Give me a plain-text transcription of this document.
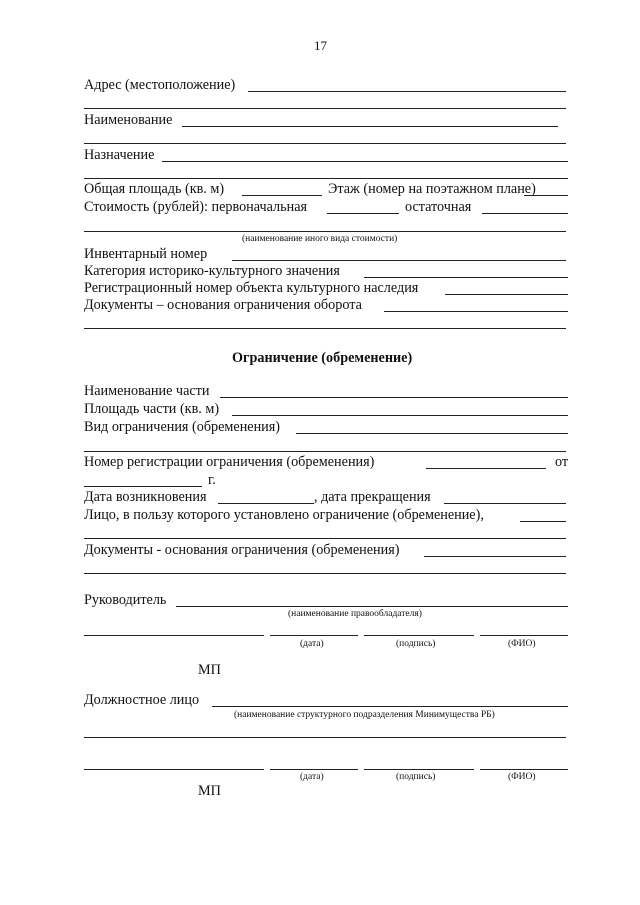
17
Адрес (местоположение)
Наименование
Назначение
Общая площадь (кв. м)	Этаж (номер на поэтажном плане)
Стоимость (рублей): первоначальная	остаточная
(наименование иного вида стоимости)
Инвентарный номер
Категория историко-культурного значения
Регистрационный номер объекта культурного наследия
Документы – основания ограничения оборота
Ограничение (обременение)
Наименование части
Площадь части (кв. м)
Вид ограничения (обременения)
Номер регистрации ограничения (обременения)	от
г.
Дата возникновения	, дата прекращения
Лицо, в пользу которого установлено ограничение (обременение),
Документы - основания ограничения (обременения)
Руководитель
(наименование правообладателя)
(дата)	(подпись)	(ФИО)
МП
Должностное лицо
(наименование структурного подразделения Минимущества РБ)
(дата)	(подпись)	(ФИО)
МП
